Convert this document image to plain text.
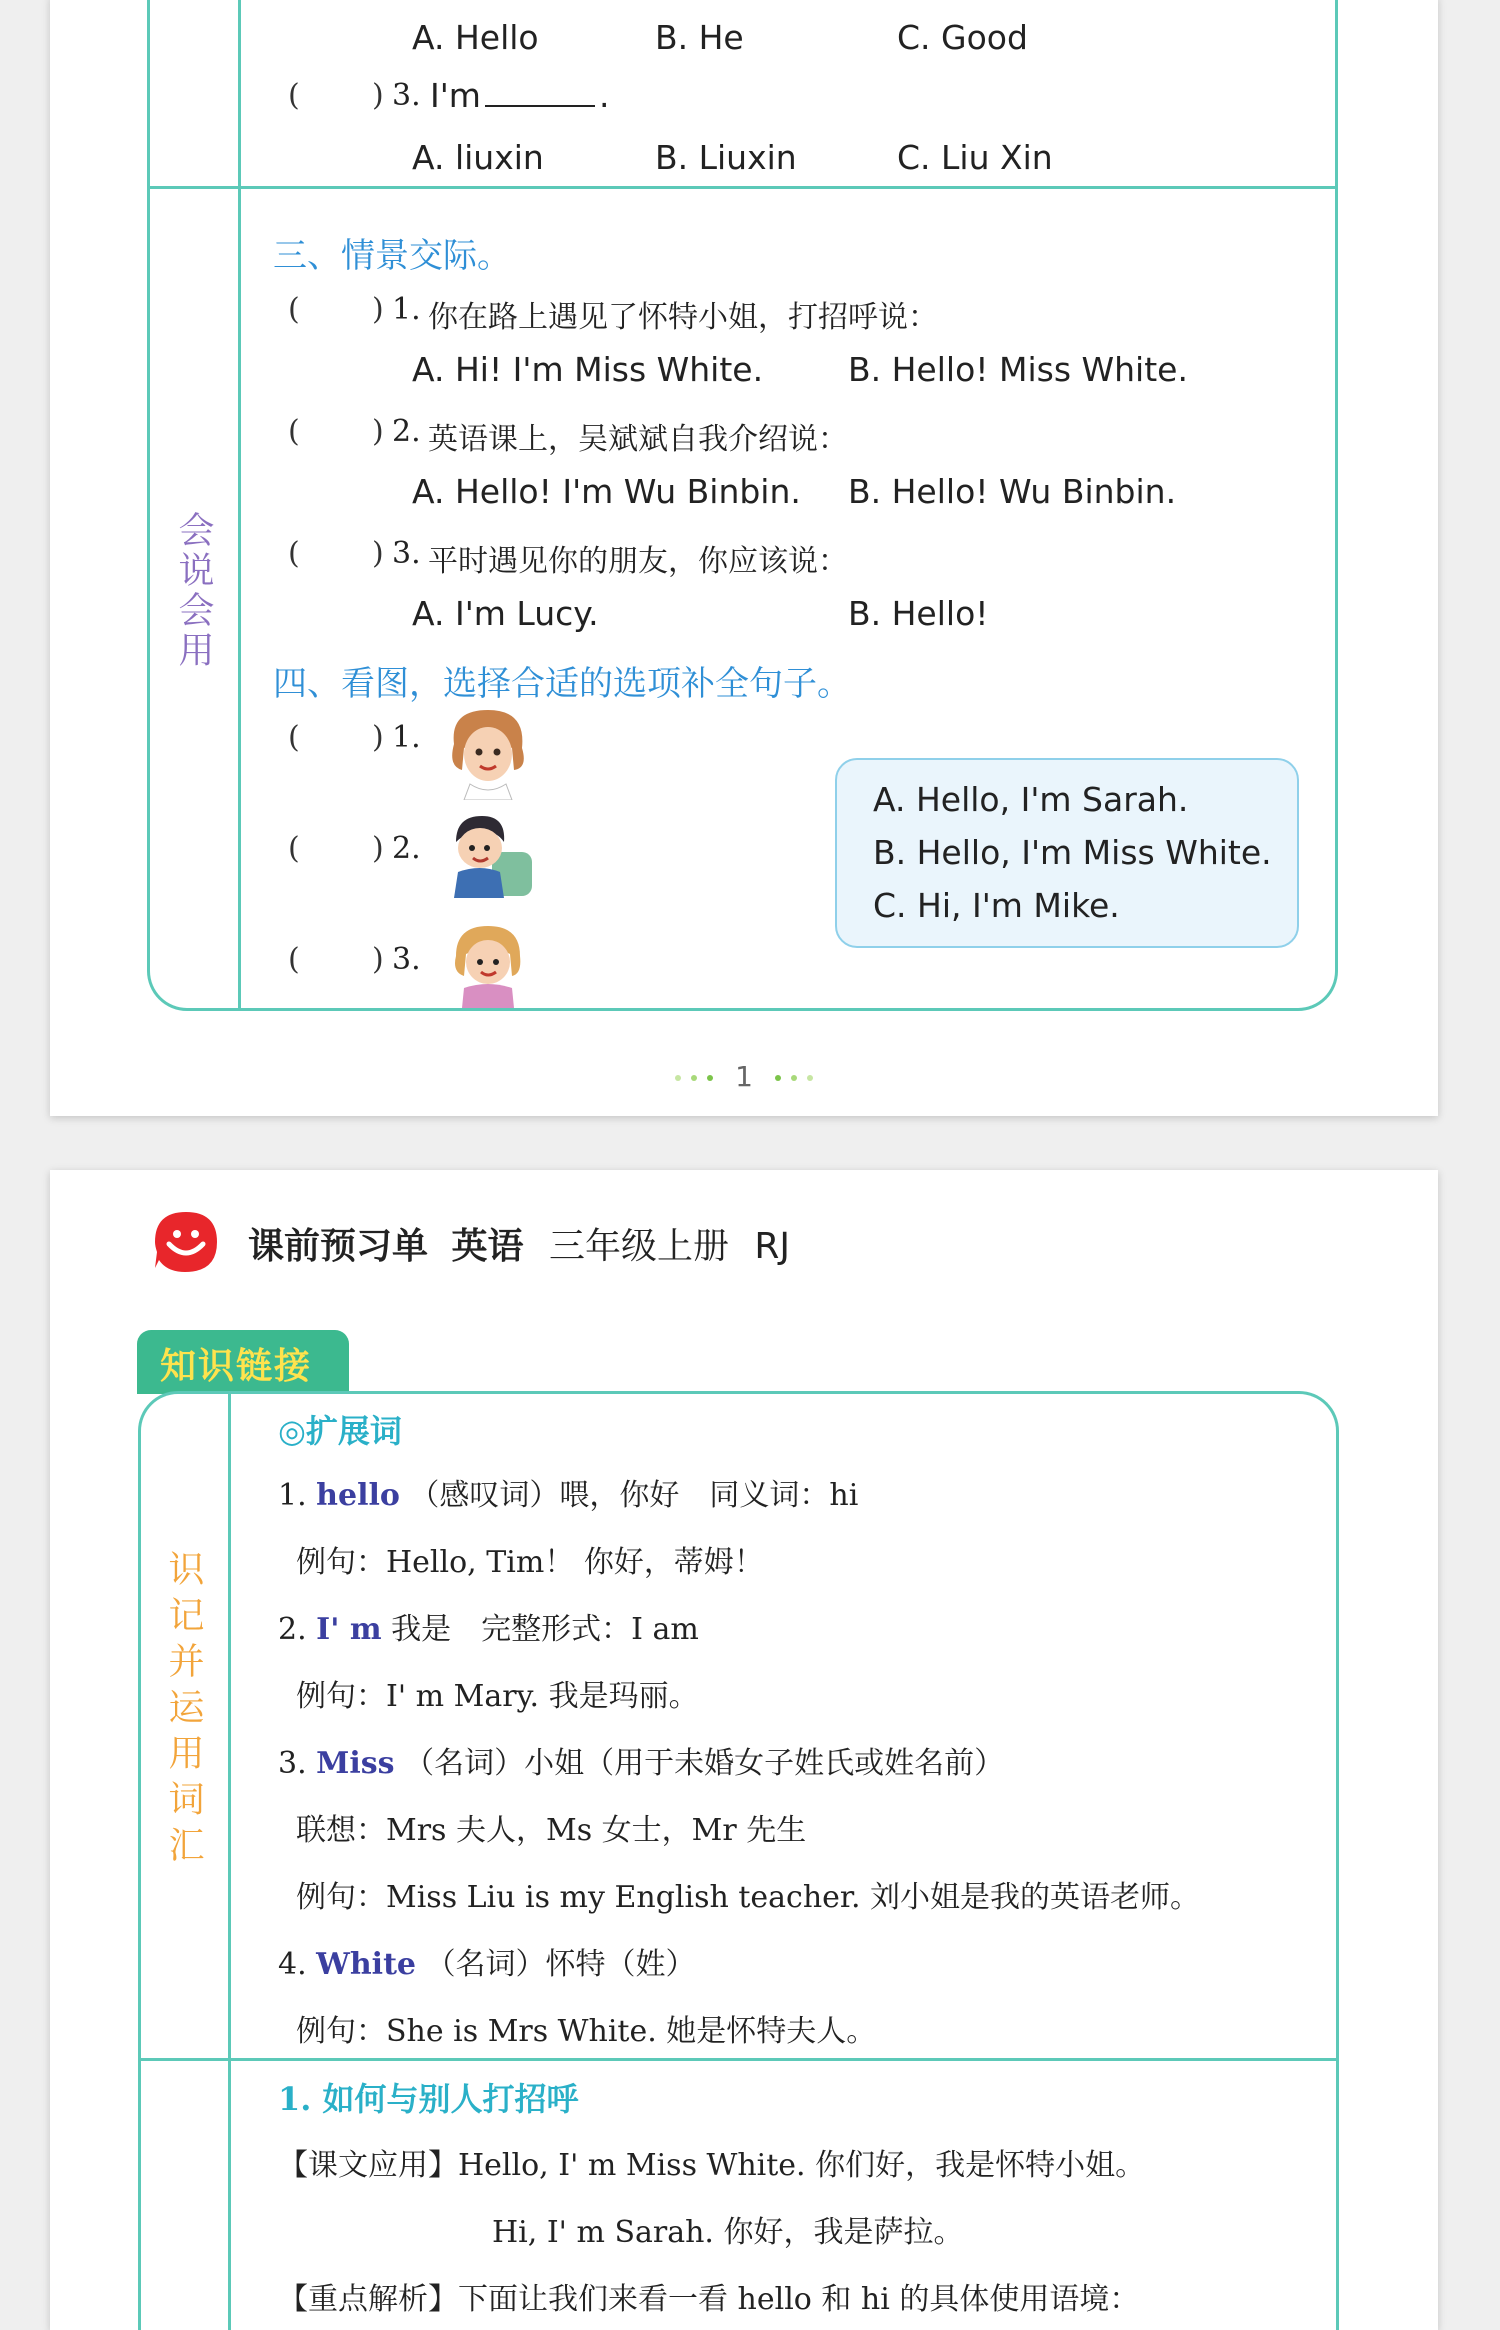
A. Hello	B. He	C. Good
( ) 3. I'm	.
A. liuxin	B. Liuxin	C. Liu Xin
会说会用
三、情景交际。
( ) 1. 你在路上遇见了怀特小姐，打招呼说：
A. Hi! I'm Miss White.	B. Hello! Miss White.
( ) 2. 英语课上，吴斌斌自我介绍说：
A. Hello! I'm Wu Binbin. B. Hello! Wu Binbin.
( ) 3. 平时遇见你的朋友，你应该说：
A. I'm Lucy.	B. Hello!
四、看图，选择合适的选项补全句子。
( ) 1.
( ) 2.
( ) 3.
A. Hello, I'm Sarah.
B. Hello, I'm Miss White.
C. Hi, I'm Mike.
1
课前预习单 英语 三年级上册 RJ
知识链接
识记并运用词汇
◎扩展词
1. hello （感叹词）喂，你好　同义词：hi
例句：Hello, Tim！ 你好，蒂姆！
2. I' m 我是　完整形式：I am
例句：I' m Mary. 我是玛丽。
3. Miss （名词）小姐（用于未婚女子姓氏或姓名前）
联想：Mrs 夫人，Ms 女士，Mr 先生
例句：Miss Liu is my English teacher. 刘小姐是我的英语老师。
4. White （名词）怀特（姓）
例句：She is Mrs White. 她是怀特夫人。
1. 如何与别人打招呼
【课文应用】Hello, I' m Miss White. 你们好，我是怀特小姐。
Hi, I' m Sarah. 你好，我是萨拉。
【重点解析】下面让我们来看一看 hello 和 hi 的具体使用语境：
